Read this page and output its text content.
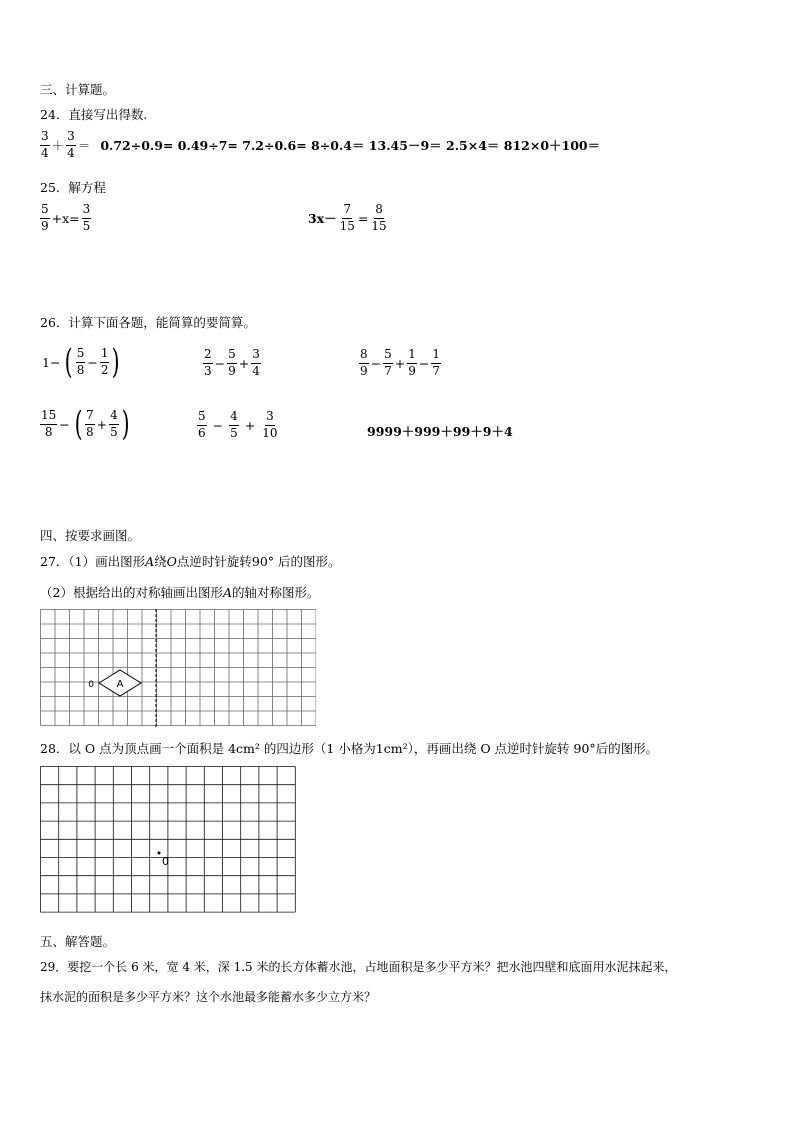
三、计算题。
24．直接写出得数.
$\frac{3}{4} + \frac{3}{4} = 0.72\div 0.9= 0.49\div 7= 7.2\div 0.6= 8\div 0.4= 13.45-9= 2.5\times 4= 812\times 0+100=$
25．解方程
$\frac{5}{9} +x= \frac{3}{5}$	$3x- \frac{7}{15} = \frac{8}{15}$
26．计算下面各题，能简算的要简算。
1− ( $\frac{5}{8} - \frac{1}{2}$ )	$\frac{2}{3} - \frac{5}{9} + \frac{3}{4}$	$\frac{8}{9} - \frac{5}{7} + \frac{1}{9} - \frac{1}{7}$
$\frac{15}{8}$ − ( $\frac{7}{8} + \frac{4}{5}$ )	$\frac{5}{6} - \frac{4}{5} + \frac{3}{10}$	9999＋999＋99＋9＋4
四、按要求画图。
27．（1）画出图形A绕O点逆时针旋转90° 后的图形。
（2）根据给出的对称轴画出图形A的轴对称图形。
A
0
28．以 O 点为顶点画一个面积是 4cm² 的四边形（1 小格为1cm²），再画出绕 O 点逆时针旋转 90°后的图形。
0
五、解答题。
29．要挖一个长 6 米，宽 4 米，深 1.5 米的长方体蓄水池，占地面积是多少平方米？把水池四壁和底面用水泥抹起来，
抹水泥的面积是多少平方米？这个水池最多能蓄水多少立方米？
